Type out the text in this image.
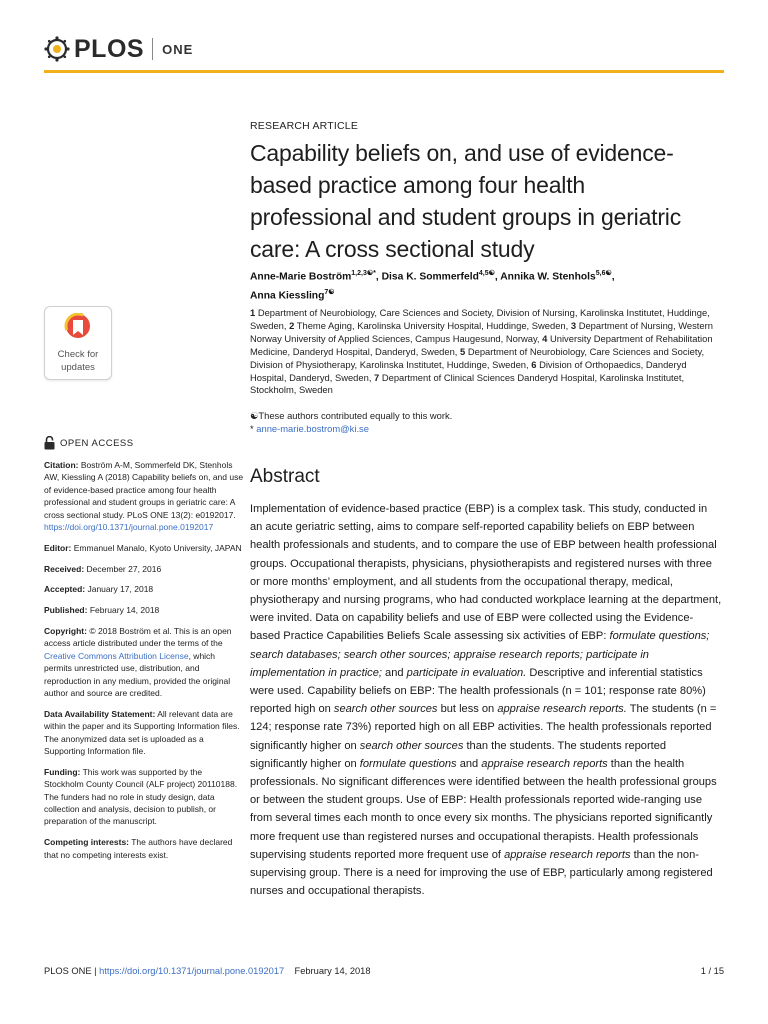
PLOS ONE
RESEARCH ARTICLE
Capability beliefs on, and use of evidence-based practice among four health professional and student groups in geriatric care: A cross sectional study
Anne-Marie Boström$^{1,2,3☯*}$, Disa K. Sommerfeld$^{4,5☯}$, Annika W. Stenhols$^{5,6☯}$,
Anna Kiessling$^{7☯}$
1 Department of Neurobiology, Care Sciences and Society, Division of Nursing, Karolinska Institutet, Huddinge, Sweden, 2 Theme Aging, Karolinska University Hospital, Huddinge, Sweden, 3 Department of Nursing, Western Norway University of Applied Sciences, Campus Haugesund, Norway, 4 University Department of Rehabilitation Medicine, Danderyd Hospital, Danderyd, Sweden, 5 Department of Neurobiology, Care Sciences and Society, Division of Physiotherapy, Karolinska Institutet, Huddinge, Sweden, 6 Division of Orthopaedics, Danderyd Hospital, Danderyd, Sweden, 7 Department of Clinical Sciences Danderyd Hospital, Karolinska Institutet, Stockholm, Sweden
☯These authors contributed equally to this work.
* anne-marie.bostrom@ki.se
Check for
updates
OPEN ACCESS

Citation: Boström A-M, Sommerfeld DK, Stenhols AW, Kiessling A (2018) Capability beliefs on, and use of evidence-based practice among four health professional and student groups in geriatric care: A cross sectional study. PLoS ONE 13(2): e0192017. https://doi.org/10.1371/journal.pone.0192017

Editor: Emmanuel Manalo, Kyoto University, JAPAN

Received: December 27, 2016

Accepted: January 17, 2018

Published: February 14, 2018

Copyright: © 2018 Boström et al. This is an open access article distributed under the terms of the Creative Commons Attribution License, which permits unrestricted use, distribution, and reproduction in any medium, provided the original author and source are credited.

Data Availability Statement: All relevant data are within the paper and its Supporting Information files. The anonymized data set is uploaded as a Supporting Information file.

Funding: This work was supported by the Stockholm County Council (ALF project) 20110188. The funders had no role in study design, data collection and analysis, decision to publish, or preparation of the manuscript.

Competing interests: The authors have declared that no competing interests exist.

Abstract
Implementation of evidence-based practice (EBP) is a complex task. This study, conducted in an acute geriatric setting, aims to compare self-reported capability beliefs on EBP between health professionals and students, and to compare the use of EBP between health professional groups. Occupational therapists, physicians, physiotherapists and registered nurses with three or more months’ employment, and all students from the occupational therapy, medical, physiotherapy and nursing programs, who had conducted workplace learning at the department, were invited. Data on capability beliefs and use of EBP were collected using the Evidence-based Practice Capabilities Beliefs Scale assessing six activities of EBP: formulate questions; search databases; search other sources; appraise research reports; participate in implementation in practice; and participate in evaluation. Descriptive and inferential statistics were used. Capability beliefs on EBP: The health professionals (n = 101; response rate 80%) reported high on search other sources but less on appraise research reports. The students (n = 124; response rate 73%) reported high on all EBP activities. The health professionals reported significantly higher on search other sources than the students. The students reported significantly higher on formulate questions and appraise research reports than the health professionals. No significant differences were identified between the health professional groups or between the student groups. Use of EBP: Health professionals reported wide-ranging use from several times each month to once every six months. The physicians reported significantly more frequent use than registered nurses and occupational therapists. Health professionals supervising students reported more frequent use of appraise research reports than the non-supervising group. There is a need for improving the use of EBP, particularly among registered nurses and occupational therapists.
PLOS ONE |
https://doi.org/10.1371/journal.pone.0192017
February 14, 2018	1 / 15
